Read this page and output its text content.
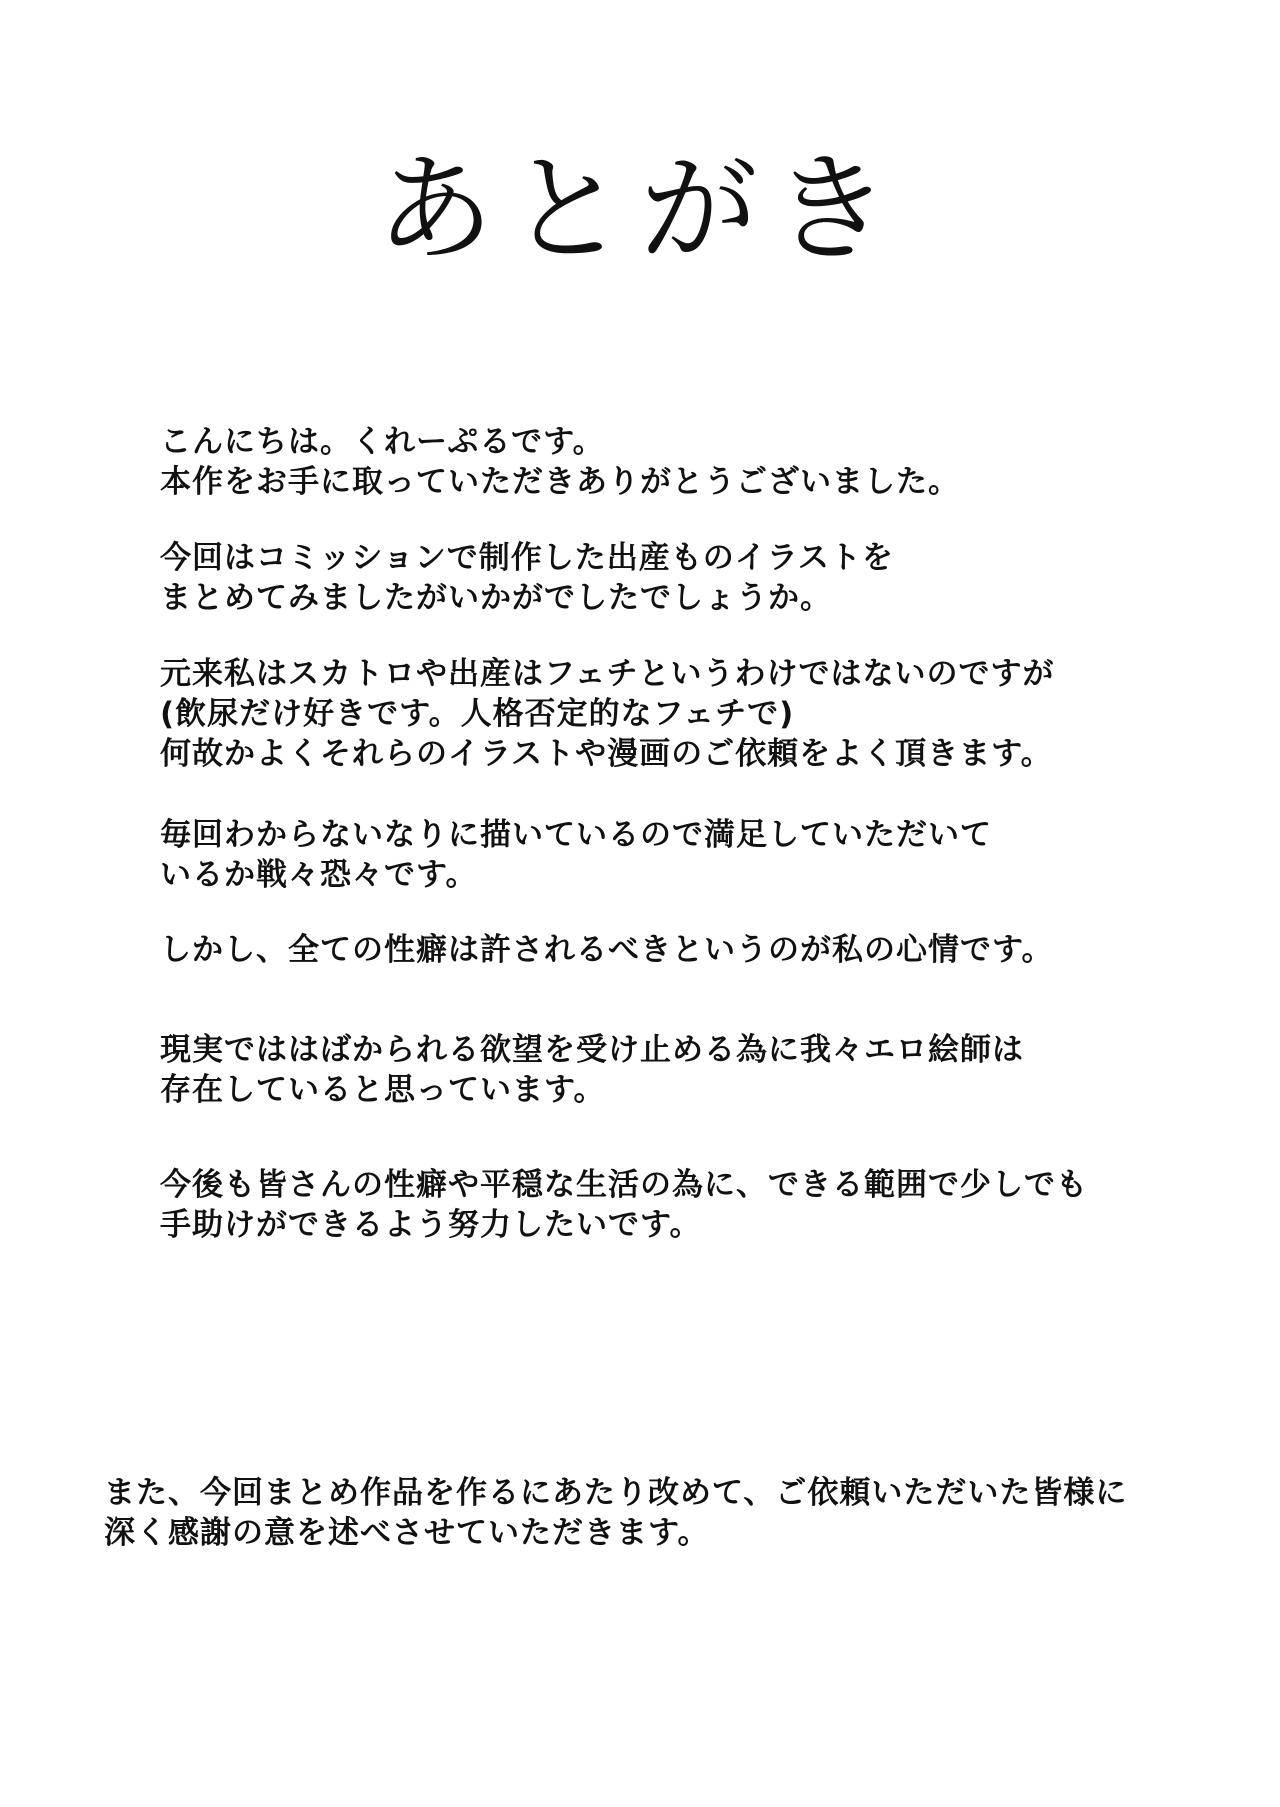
あとがき

こんにちは。くれーぷるです。
本作をお手に取っていただきありがとうございました。

今回はコミッションで制作した出産ものイラストを
まとめてみましたがいかがでしたでしょうか。

元来私はスカトロや出産はフェチというわけではないのですが
(飲尿だけ好きです。人格否定的なフェチで)
何故かよくそれらのイラストや漫画のご依頼をよく頂きます。

毎回わからないなりに描いているので満足していただいて
いるか戦々恐々です。

しかし、全ての性癖は許されるべきというのが私の心情です。

現実でははばかられる欲望を受け止める為に我々エロ絵師は
存在していると思っています。

今後も皆さんの性癖や平穏な生活の為に、できる範囲で少しでも
手助けができるよう努力したいです。

また、今回まとめ作品を作るにあたり改めて、ご依頼いただいた皆様に
深く感謝の意を述べさせていただきます。
